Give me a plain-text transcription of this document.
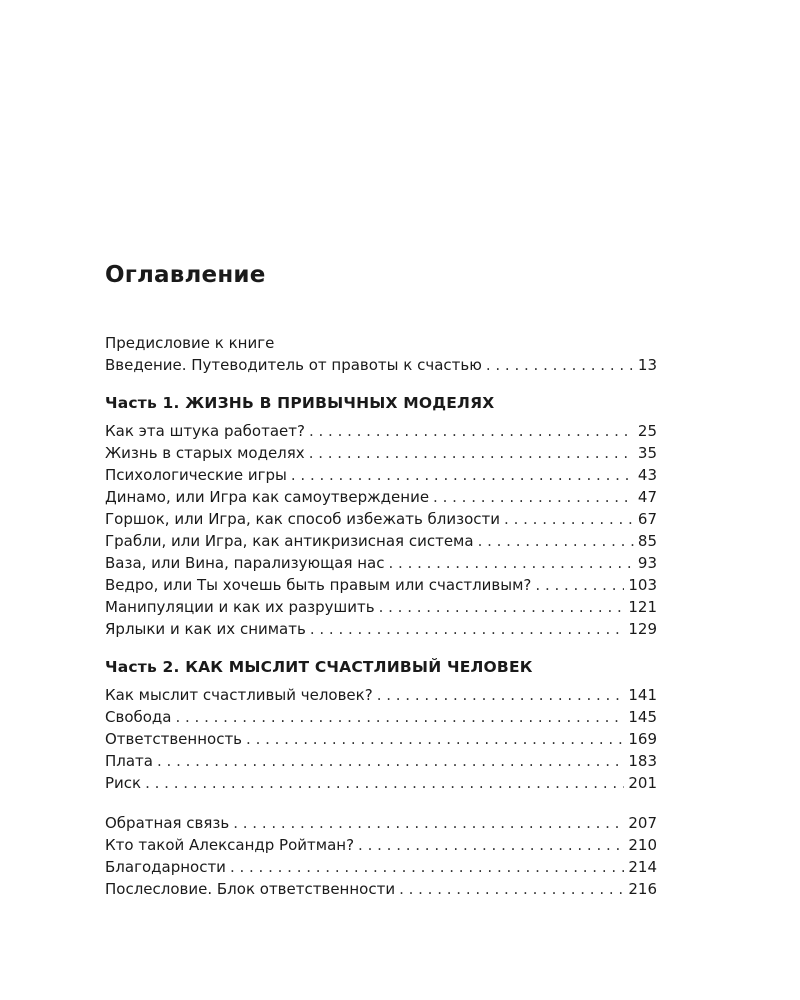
Оглавление
Предисловие к книге
Введение. Путеводитель от правоты к счастью . . .	13
Часть 1. ЖИЗНЬ В ПРИВЫЧНЫХ МОДЕЛЯХ
Как эта штука работает? . . .	25
Жизнь в старых моделях . . .	35
Психологические игры . . .	43
Динамо, или Игра как самоутверждение . . .	47
Горшок, или Игра, как способ избежать близости . . .	67
Грабли, или Игра, как антикризисная система . . .	85
Ваза, или Вина, парализующая нас . . .	93
Ведро, или Ты хочешь быть правым или счастливым? . . .	103
Манипуляции и как их разрушить . . .	121
Ярлыки и как их снимать . . .	129
Часть 2. КАК МЫСЛИТ СЧАСТЛИВЫЙ ЧЕЛОВЕК
Как мыслит счастливый человек? . . .	141
Свобода . . .	145
Ответственность . . .	169
Плата . . .	183
Риск . . .	201
Обратная связь . . .	207
Кто такой Александр Ройтман? . . .	210
Благодарности . . .	214
Послесловие. Блок ответственности . . .	216
